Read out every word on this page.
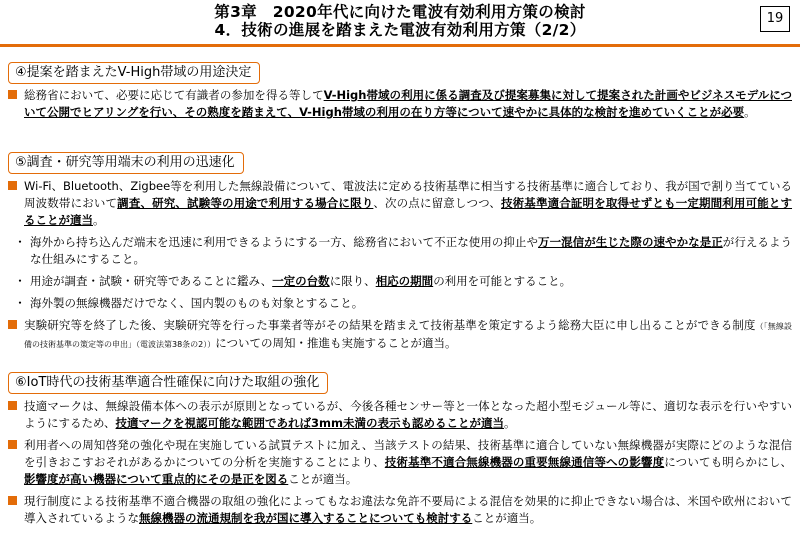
第3章　2020年代に向けた電波有効利用方策の検討
4．技術の進展を踏まえた電波有効利用方策（2/2）
19
④提案を踏まえたV-High帯域の用途決定
総務省において、必要に応じて有識者の参加を得る等してV-High帯域の利用に係る調査及び提案募集に対して提案された計画やビジネスモデルについて公開でヒアリングを行い、その熟度を踏まえて、V-High帯域の利用の在り方等について速やかに具体的な検討を進めていくことが必要。
⑤調査・研究等用端末の利用の迅速化
Wi-Fi、Bluetooth、Zigbee等を利用した無線設備について、電波法に定める技術基準に相当する技術基準に適合しており、我が国で割り当てている周波数帯において調査、研究、試験等の用途で利用する場合に限り、次の点に留意しつつ、技術基準適合証明を取得せずとも一定期間利用可能とすることが適当。
・ 海外から持ち込んだ端末を迅速に利用できるようにする一方、総務省において不正な使用の抑止や万一混信が生じた際の速やかな是正が行えるような仕組みにすること。
・ 用途が調査・試験・研究等であることに鑑み、一定の台数に限り、相応の期間の利用を可能とすること。
・ 海外製の無線機器だけでなく、国内製のものも対象とすること。
実験研究等を終了した後、実験研究等を行った事業者等がその結果を踏まえて技術基準を策定するよう総務大臣に申し出ることができる制度（「無線設備の技術基準の策定等の申出」（電波法第38条の2））についての周知・推進も実施することが適当。
⑥IoT時代の技術基準適合性確保に向けた取組の強化
技適マークは、無線設備本体への表示が原則となっているが、今後各種センサー等と一体となった超小型モジュール等に、適切な表示を行いやすいようにするため、技適マークを視認可能な範囲であれば3mm未満の表示も認めることが適当。
利用者への周知啓発の強化や現在実施している試買テストに加え、当該テストの結果、技術基準に適合していない無線機器が実際にどのような混信を引きおこすおそれがあるかについての分析を実施することにより、技術基準不適合無線機器の重要無線通信等への影響度についても明らかにし、影響度が高い機器について重点的にその是正を図ることが適当。
現行制度による技術基準不適合機器の取組の強化によってもなお違法な免許不要局による混信を効果的に抑止できない場合は、米国や欧州において導入されているような無線機器の流通規制を我が国に導入することについても検討することが適当。
